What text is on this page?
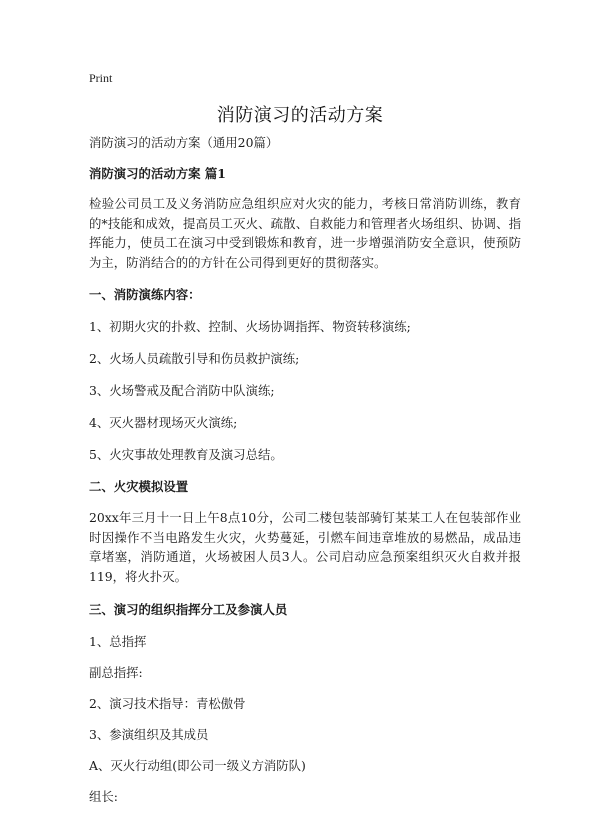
Print
消防演习的活动方案

消防演习的活动方案（通用20篇）

消防演习的活动方案 篇1

检验公司员工及义务消防应急组织应对火灾的能力，考核日常消防训练，教育的*技能和成效，提高员工灭火、疏散、自救能力和管理者火场组织、协调、指挥能力，使员工在演习中受到锻炼和教育，进一步增强消防安全意识，使预防为主，防消结合的的方针在公司得到更好的贯彻落实。

一、消防演练内容：

1、初期火灾的扑救、控制、火场协调指挥、物资转移演练;

2、火场人员疏散引导和伤员救护演练;

3、火场警戒及配合消防中队演练;

4、灭火器材现场灭火演练;

5、火灾事故处理教育及演习总结。

二、火灾模拟设置

20xx年三月十一日上午8点10分，公司二楼包装部骑钉某某工人在包装部作业时因操作不当电路发生火灾，火势蔓延，引燃车间违章堆放的易燃品，成品违章堵塞，消防通道，火场被困人员3人。公司启动应急预案组织灭火自救并报119，将火扑灭。

三、演习的组织指挥分工及参演人员

1、总指挥

副总指挥:

2、演习技术指导：青松傲骨

3、参演组织及其成员

A、灭火行动组(即公司一级义方消防队)

组长:
